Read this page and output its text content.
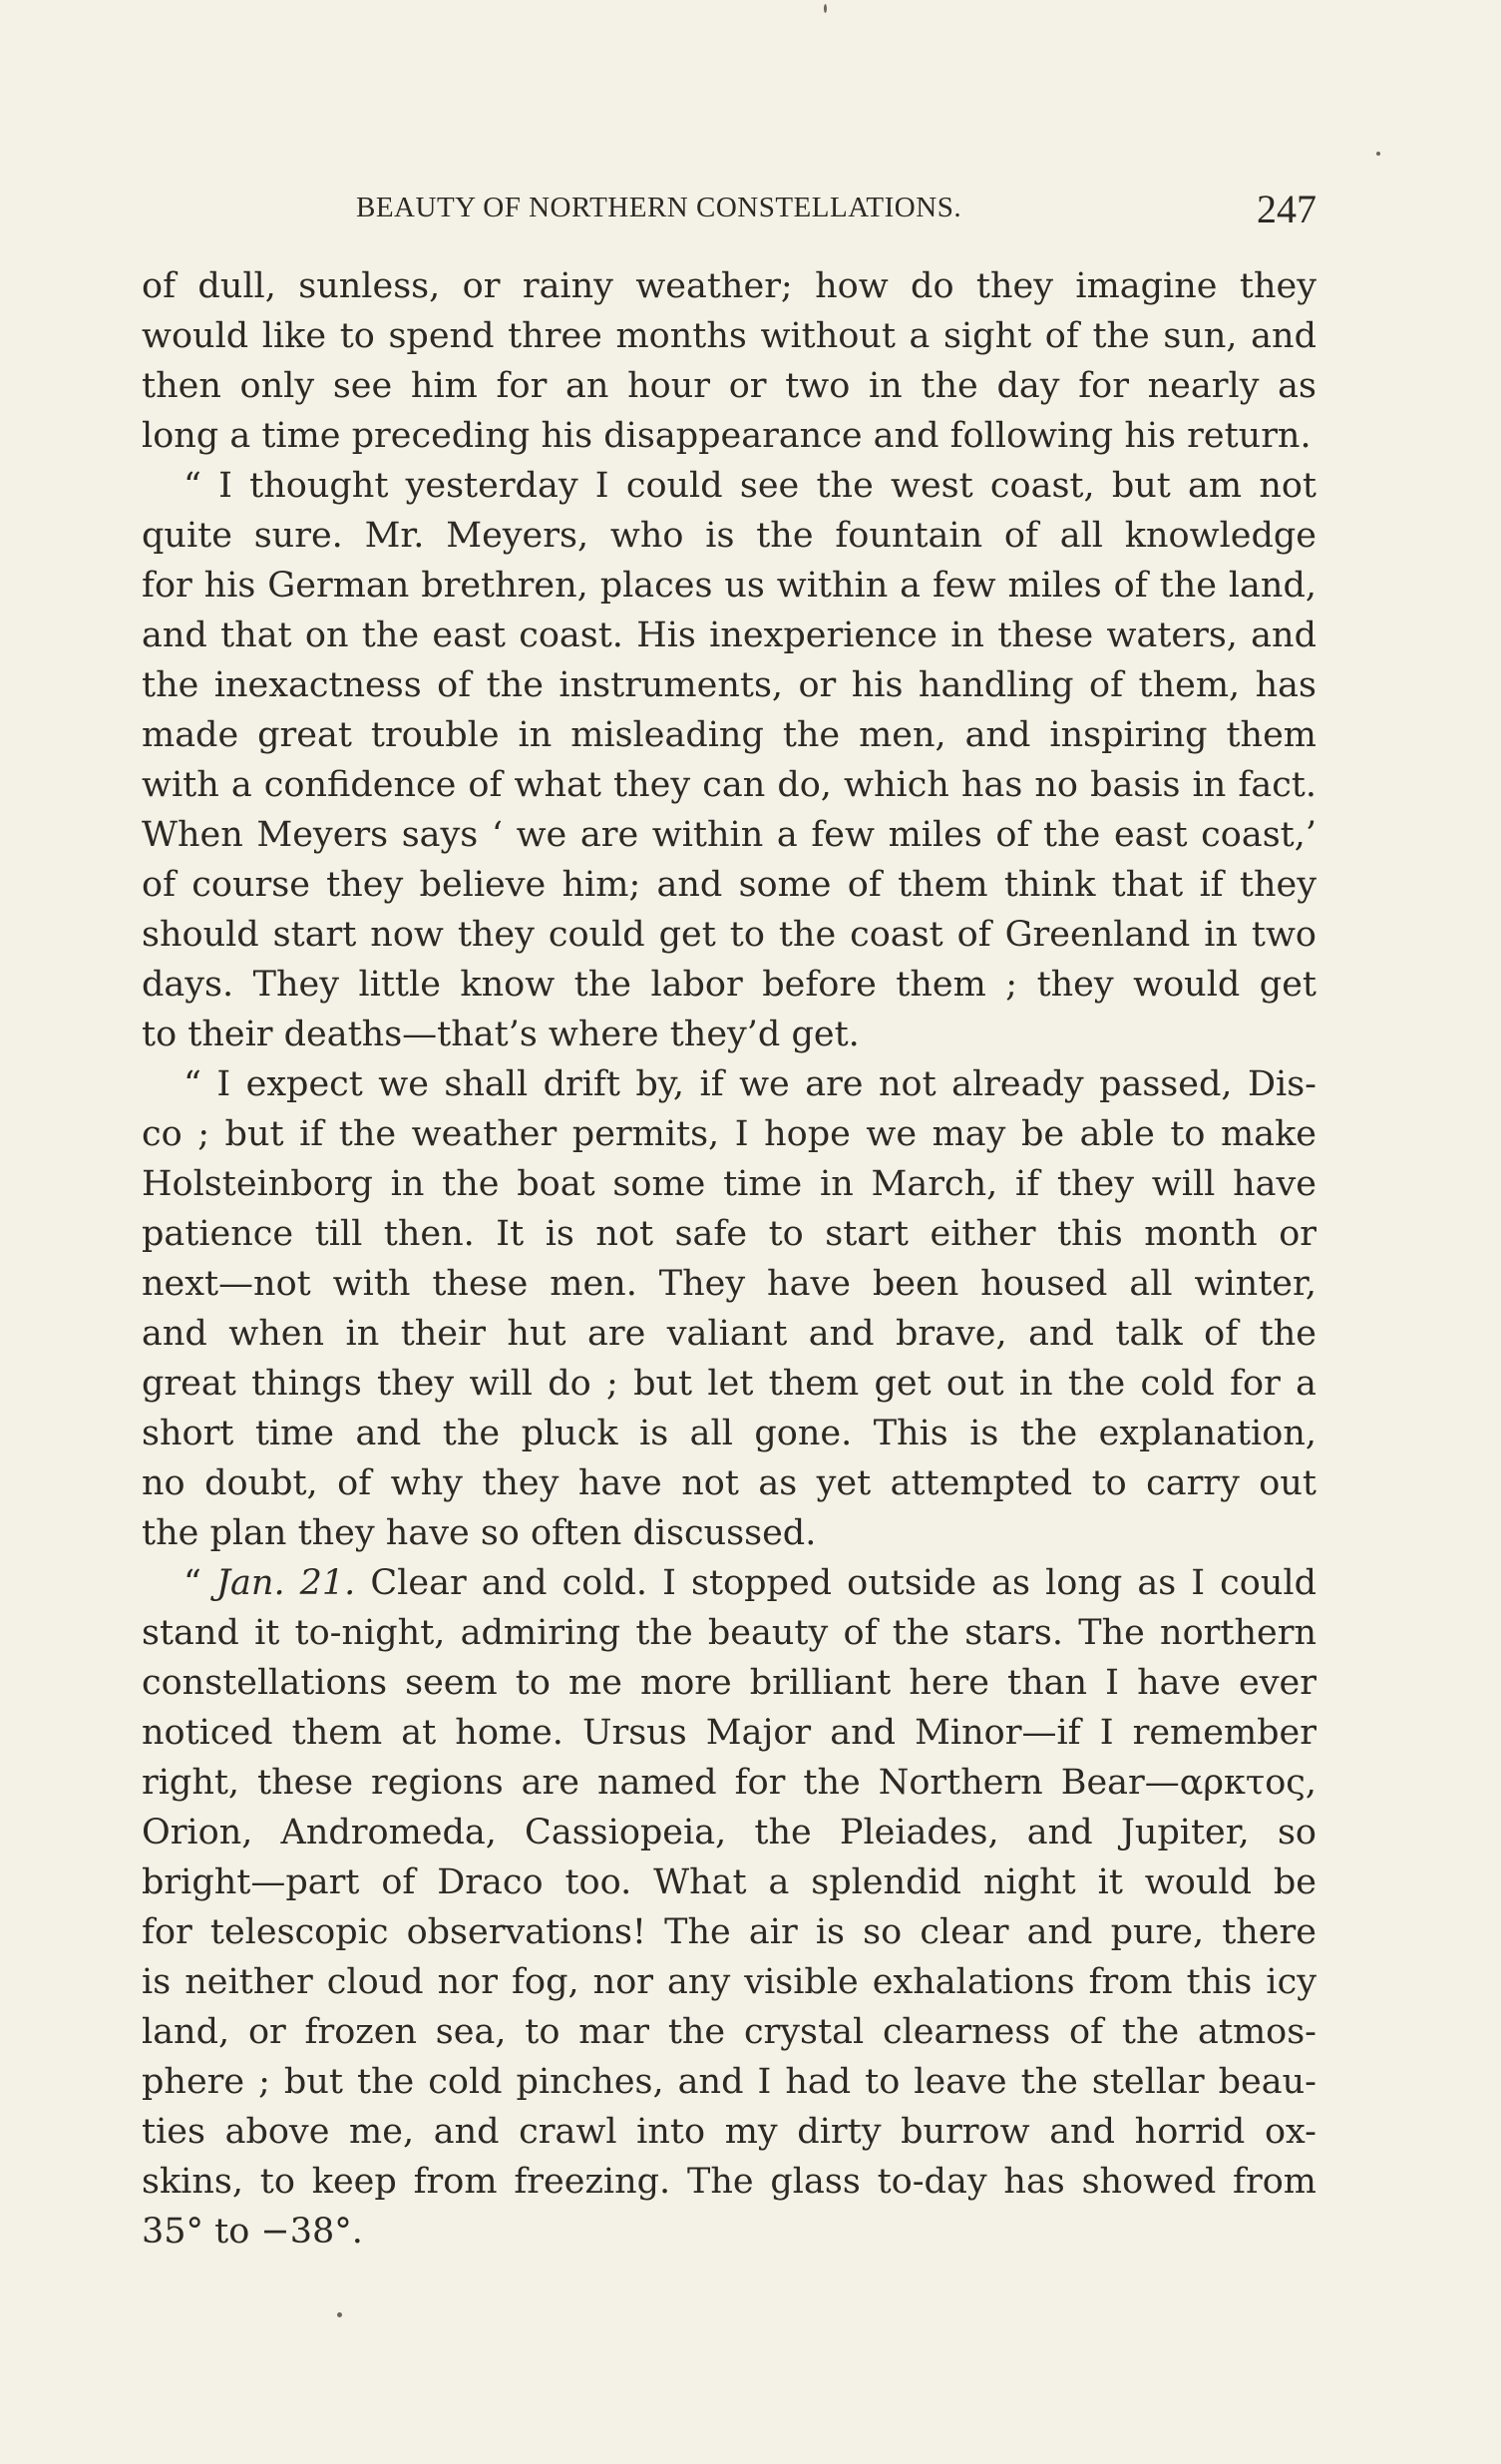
BEAUTY OF NORTHERN CONSTELLATIONS.	247
of dull, sunless, or rainy weather; how do they imagine they
would like to spend three months without a sight of the sun, and
then only see him for an hour or two in the day for nearly as
long a time preceding his disappearance and following his return.
“ I thought yesterday I could see the west coast, but am not
quite sure. Mr. Meyers, who is the fountain of all knowledge
for his German brethren, places us within a few miles of the land,
and that on the east coast. His inexperience in these waters, and
the inexactness of the instruments, or his handling of them, has
made great trouble in misleading the men, and inspiring them
with a confidence of what they can do, which has no basis in fact.
When Meyers says ‘ we are within a few miles of the east coast,’
of course they believe him; and some of them think that if they
should start now they could get to the coast of Greenland in two
days. They little know the labor before them ; they would get
to their deaths—that’s where they’d get.
“ I expect we shall drift by, if we are not already passed, Dis-
co ; but if the weather permits, I hope we may be able to make
Holsteinborg in the boat some time in March, if they will have
patience till then. It is not safe to start either this month or
next—not with these men. They have been housed all winter,
and when in their hut are valiant and brave, and talk of the
great things they will do ; but let them get out in the cold for a
short time and the pluck is all gone. This is the explanation,
no doubt, of why they have not as yet attempted to carry out
the plan they have so often discussed.
“ Jan. 21. Clear and cold. I stopped outside as long as I could
stand it to-night, admiring the beauty of the stars. The northern
constellations seem to me more brilliant here than I have ever
noticed them at home. Ursus Major and Minor—if I remember
right, these regions are named for the Northern Bear—αρκτος,
Orion, Andromeda, Cassiopeia, the Pleiades, and Jupiter, so
bright—part of Draco too. What a splendid night it would be
for telescopic observations! The air is so clear and pure, there
is neither cloud nor fog, nor any visible exhalations from this icy
land, or frozen sea, to mar the crystal clearness of the atmos-
phere ; but the cold pinches, and I had to leave the stellar beau-
ties above me, and crawl into my dirty burrow and horrid ox-
skins, to keep from freezing. The glass to-day has showed from
35° to −38°.
